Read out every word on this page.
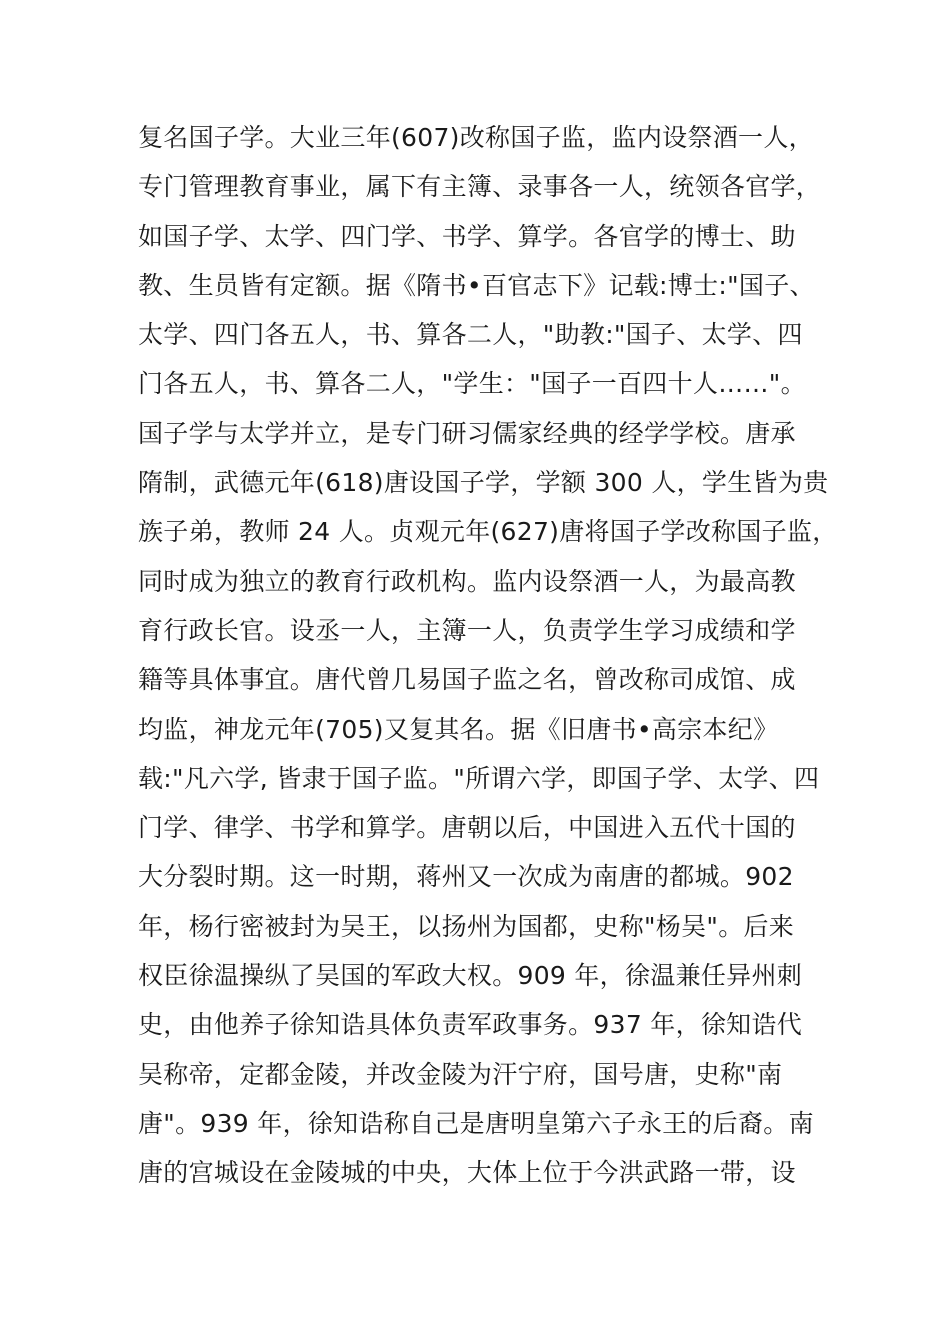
复名国子学。大业三年(607)改称国子监，监内设祭酒一人，
专门管理教育事业，属下有主簿、录事各一人，统领各官学，
如国子学、太学、四门学、书学、算学。各官学的博士、助
教、生员皆有定额。据《隋书•百官志下》记载:博士:"国子、
太学、四门各五人，书、算各二人，"助教:"国子、太学、四
门各五人，书、算各二人，"学生："国子一百四十人……"。
国子学与太学并立，是专门研习儒家经典的经学学校。唐承
隋制，武德元年(618)唐设国子学，学额 300 人，学生皆为贵
族子弟，教师 24 人。贞观元年(627)唐将国子学改称国子监，
同时成为独立的教育行政机构。监内设祭酒一人，为最高教
育行政长官。设丞一人，主簿一人，负责学生学习成绩和学
籍等具体事宜。唐代曾几易国子监之名，曾改称司成馆、成
均监，神龙元年(705)又复其名。据《旧唐书•高宗本纪》
载:"凡六学, 皆隶于国子监。"所谓六学，即国子学、太学、四
门学、律学、书学和算学。唐朝以后，中国进入五代十国的
大分裂时期。这一时期，蒋州又一次成为南唐的都城。902
年，杨行密被封为吴王，以扬州为国都，史称"杨吴"。后来
权臣徐温操纵了吴国的军政大权。909 年，徐温兼任异州刺
史，由他养子徐知诰具体负责军政事务。937 年，徐知诰代
吴称帝，定都金陵，并改金陵为汗宁府，国号唐，史称"南
唐"。939 年，徐知诰称自己是唐明皇第六子永王的后裔。南
唐的宫城设在金陵城的中央，大体上位于今洪武路一带，设
